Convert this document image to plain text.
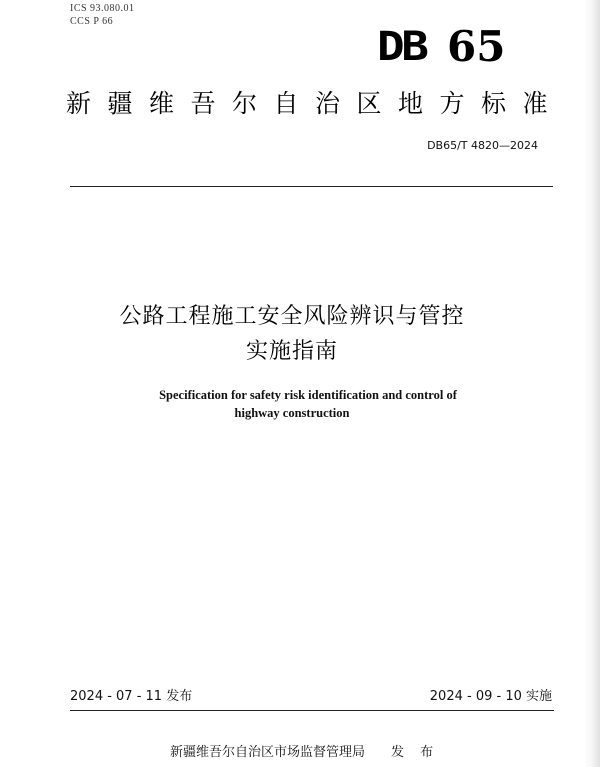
ICS 93.080.01
CCS P 66
DB 65
新疆维吾尔自治区地方标准
DB65/T 4820—2024
公路工程施工安全风险辨识与管控
实施指南
Specification for safety risk identification and control of
highway construction
2024 - 07 - 11 发布	2024 - 09 - 10 实施
新疆维吾尔自治区市场监督管理局 发 布
